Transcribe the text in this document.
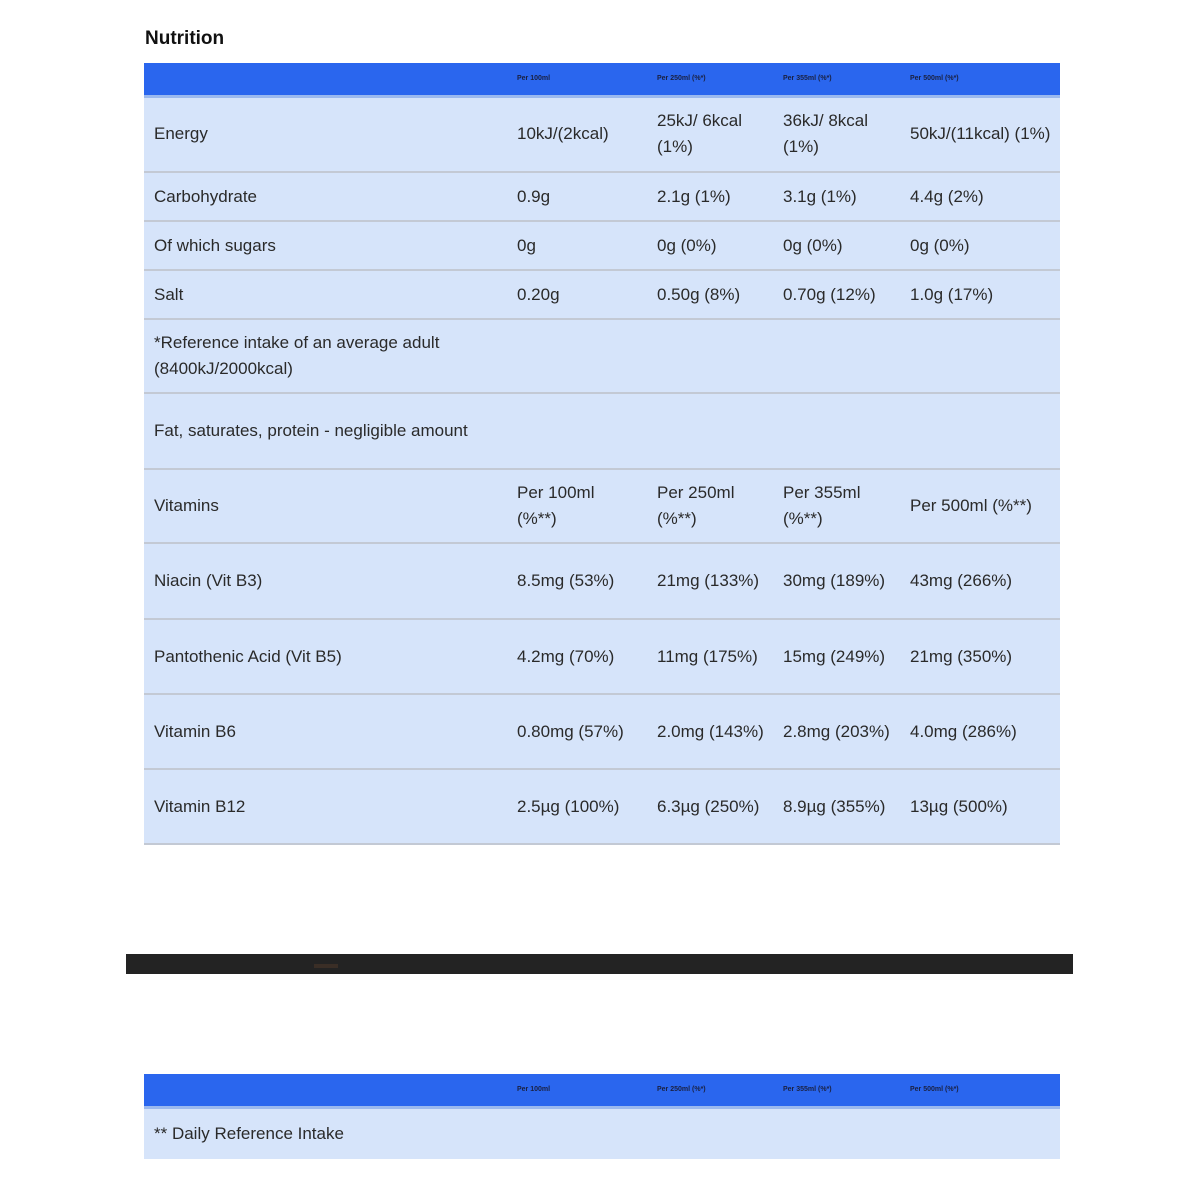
Nutrition
	Per 100ml	Per 250ml (%*)	Per 355ml (%*)	Per 500ml (%*)
Energy	10kJ/(2kcal)	25kJ/ 6kcal (1%)	36kJ/ 8kcal (1%)	50kJ/(11kcal) (1%)
Carbohydrate	0.9g	2.1g (1%)	3.1g (1%)	4.4g (2%)
Of which sugars	0g	0g (0%)	0g (0%)	0g (0%)
Salt	0.20g	0.50g (8%)	0.70g (12%)	1.0g (17%)
*Reference intake of an average adult (8400kJ/2000kcal)				
Fat, saturates, protein - negligible amount				
Vitamins	Per 100ml (%**)	Per 250ml (%**)	Per 355ml (%**)	Per 500ml (%**)
Niacin (Vit B3)	8.5mg (53%)	21mg (133%)	30mg (189%)	43mg (266%)
Pantothenic Acid (Vit B5)	4.2mg (70%)	11mg (175%)	15mg (249%)	21mg (350%)
Vitamin B6	0.80mg (57%)	2.0mg (143%)	2.8mg (203%)	4.0mg (286%)
Vitamin B12	2.5µg (100%)	6.3µg (250%)	8.9µg (355%)	13µg (500%)
	Per 100ml	Per 250ml (%*)	Per 355ml (%*)	Per 500ml (%*)
** Daily Reference Intake				
